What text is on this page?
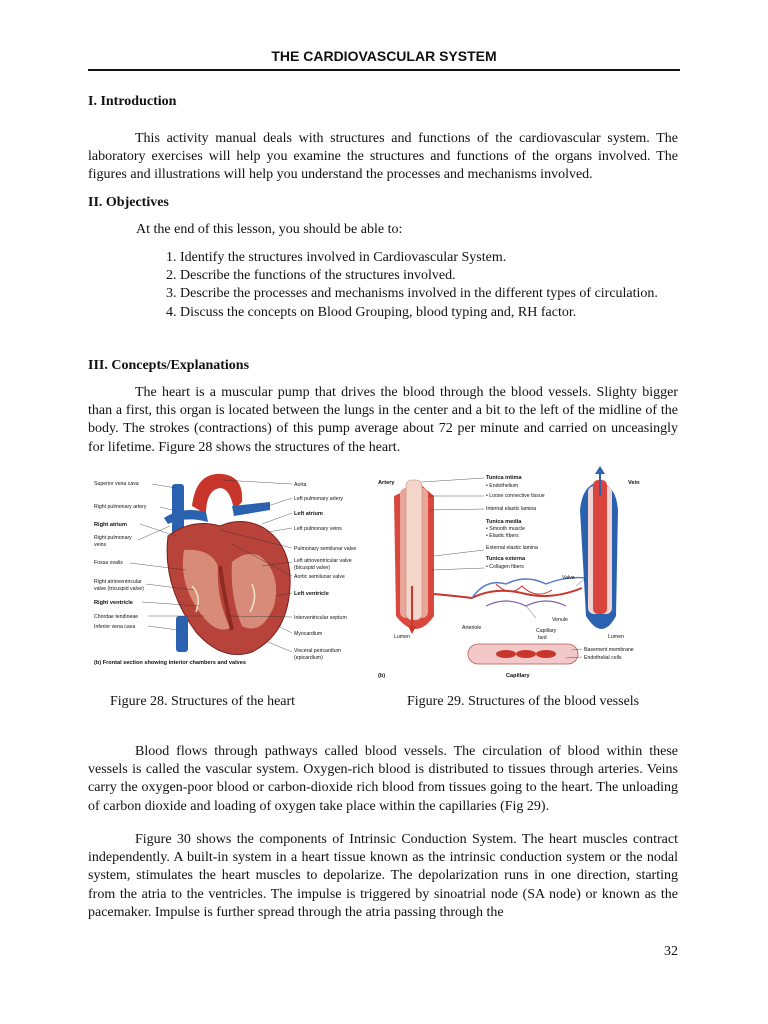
THE CARDIOVASCULAR SYSTEM
I. Introduction

This activity manual deals with structures and functions of the cardiovascular system. The laboratory exercises will help you examine the structures and functions of the organs involved. The figures and illustrations will help you understand the processes and mechanisms involved.

II. Objectives
At the end of this lesson, you should be able to:
1. Identify the structures involved in Cardiovascular System.
2. Describe the functions of the structures involved.
3. Describe the processes and mechanisms involved in the different types of circulation.
4. Discuss the concepts on Blood Grouping, blood typing and, RH factor.
III. Concepts/Explanations

The heart is a muscular pump that drives the blood through the blood vessels. Slighty bigger than a first, this organ is located between the lungs in the center and a bit to the left of the midline of the body. The strokes (contractions) of this pump average about 72 per minute and carried on unceasingly for lifetime. Figure 28 shows the structures of the heart.

Superior vena cava
Right pulmonary artery
Right atrium
Right pulmonary
veins
Fossa ovalis
Right atrioventricular
valve (tricuspid valve)
Right ventricle
Chordae tendineae
Inferior vena cava
Aorta
Left pulmonary artery
Left atrium
Left pulmonary veins
Pulmonary semilunar valve
Left atrioventricular valve
(bicuspid valve)
Aortic semilunar valve
Left ventricle
Interventricular septum
Myocardium
Visceral pericardium
(epicardium)
(b) Frontal section showing interior chambers and valves
Artery	Vein
Tunica intima
• Endothelium
• Loose connective tissue
Internal elastic lamina
Tunica media
• Smooth muscle
• Elastic fibers
External elastic lamina
Tunica externa
• Collagen fibers
Valve
Lumen	Lumen
Arteriole
Venule
Capillary
bed
Basement membrane
Endothelial cells
Capillary
(b)
Figure 28. Structures of the heart	Figure 29. Structures of the blood vessels

Blood flows through pathways called blood vessels. The circulation of blood within these vessels is called the vascular system. Oxygen-rich blood is distributed to tissues through arteries. Veins carry the oxygen-poor blood or carbon-dioxide rich blood from tissues going to the heart. The unloading of carbon dioxide and loading of oxygen take place within the capillaries (Fig 29).

Figure 30 shows the components of Intrinsic Conduction System. The heart muscles contract independently. A built-in system in a heart tissue known as the intrinsic conduction system or the nodal system, stimulates the heart muscles to depolarize. The depolarization runs in one direction, starting from the atria to the ventricles. The impulse is triggered by sinoatrial node (SA node) or known as the pacemaker. Impulse is further spread through the atria passing through the

32
